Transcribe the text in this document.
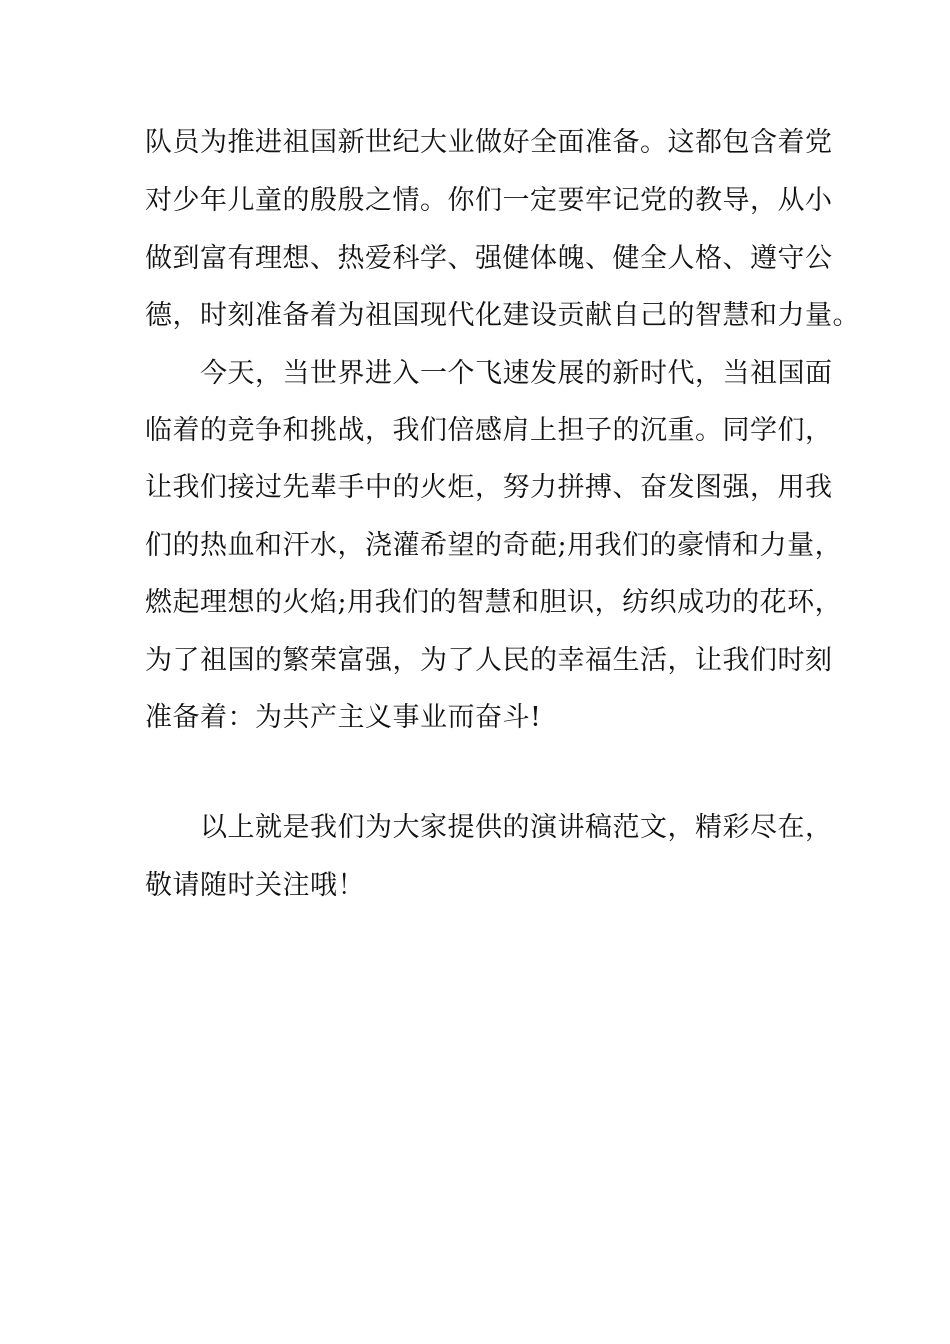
队员为推进祖国新世纪大业做好全面准备。这都包含着党
对少年儿童的殷殷之情。你们一定要牢记党的教导，从小
做到富有理想、热爱科学、强健体魄、健全人格、遵守公
德，时刻准备着为祖国现代化建设贡献自己的智慧和力量。
今天，当世界进入一个飞速发展的新时代，当祖国面
临着的竞争和挑战，我们倍感肩上担子的沉重。同学们，
让我们接过先辈手中的火炬，努力拼搏、奋发图强，用我
们的热血和汗水，浇灌希望的奇葩;用我们的豪情和力量，
燃起理想的火焰;用我们的智慧和胆识，纺织成功的花环，
为了祖国的繁荣富强，为了人民的幸福生活，让我们时刻
准备着：为共产主义事业而奋斗!
以上就是我们为大家提供的演讲稿范文，精彩尽在，
敬请随时关注哦！
